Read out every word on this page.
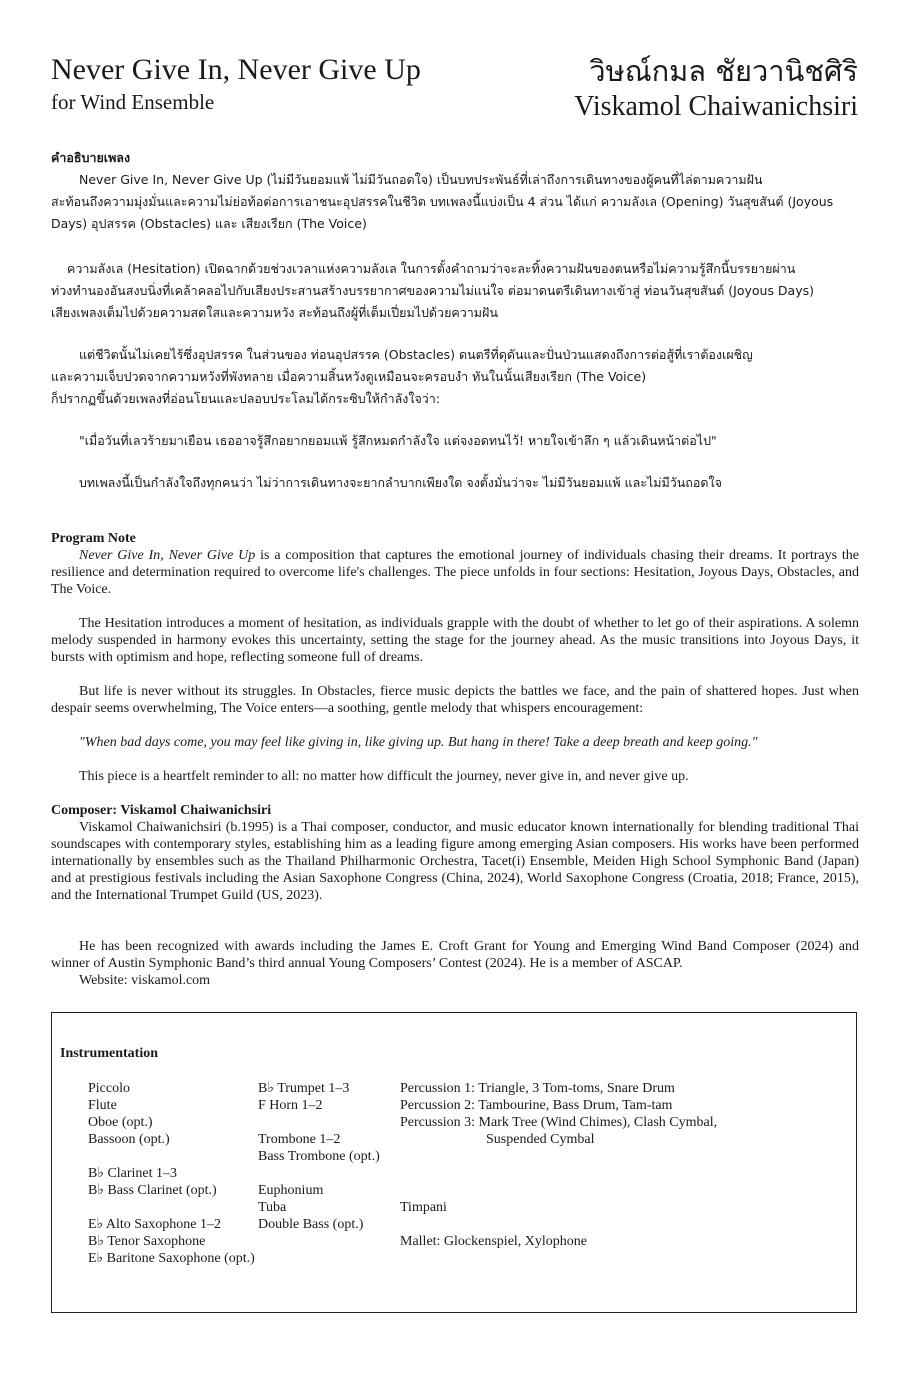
Never Give In, Never Give Up
for Wind Ensemble
วิษณ์กมล ชัยวานิชศิริ
Viskamol Chaiwanichsiri

คำอธิบายเพลง

Never Give In, Never Give Up (ไม่มีวันยอมแพ้ ไม่มีวันถอดใจ) เป็นบทประพันธ์ที่เล่าถึงการเดินทางของผู้คนที่ไล่ตามความฝัน

สะท้อนถึงความมุ่งมั่นและความไม่ย่อท้อต่อการเอาชนะอุปสรรคในชีวิต บทเพลงนี้แบ่งเป็น 4 ส่วน ได้แก่ ความลังเล (Opening) วันสุขสันต์ (Joyous

Days) อุปสรรค (Obstacles) และ เสียงเรียก (The Voice)

ความลังเล (Hesitation) เปิดฉากด้วยช่วงเวลาแห่งความลังเล ในการตั้งคำถามว่าจะละทิ้งความฝันของตนหรือไม่ความรู้สึกนี้บรรยายผ่าน

ท่วงทำนองอันสงบนิ่งที่เคล้าคลอไปกับเสียงประสานสร้างบรรยากาศของความไม่แน่ใจ ต่อมาดนตรีเดินทางเข้าสู่ ท่อนวันสุขสันต์ (Joyous Days)

เสียงเพลงเต็มไปด้วยความสดใสและความหวัง สะท้อนถึงผู้ที่เต็มเปี่ยมไปด้วยความฝัน

แต่ชีวิตนั้นไม่เคยไร้ซึ่งอุปสรรค ในส่วนของ ท่อนอุปสรรค (Obstacles) ดนตรีที่ดุดันและปั่นป่วนแสดงถึงการต่อสู้ที่เราต้องเผชิญ

และความเจ็บปวดจากความหวังที่พังทลาย เมื่อความสิ้นหวังดูเหมือนจะครอบงำ ทันในนั้นเสียงเรียก (The Voice)

ก็ปรากฏขึ้นด้วยเพลงที่อ่อนโยนและปลอบประโลมได้กระซิบให้กำลังใจว่า:

"เมื่อวันที่เลวร้ายมาเยือน เธออาจรู้สึกอยากยอมแพ้ รู้สึกหมดกำลังใจ แต่จงอดทนไว้! หายใจเข้าลึก ๆ แล้วเดินหน้าต่อไป"

บทเพลงนี้เป็นกำลังใจถึงทุกคนว่า ไม่ว่าการเดินทางจะยากลำบากเพียงใด จงตั้งมั่นว่าจะ ไม่มีวันยอมแพ้ และไม่มีวันถอดใจ

Program Note

Never Give In, Never Give Up is a composition that captures the emotional journey of individuals chasing their dreams. It portrays the resilience and determination required to overcome life's challenges. The piece unfolds in four sections: Hesitation, Joyous Days, Obstacles, and The Voice.

The Hesitation introduces a moment of hesitation, as individuals grapple with the doubt of whether to let go of their aspirations. A solemn melody suspended in harmony evokes this uncertainty, setting the stage for the journey ahead. As the music transitions into Joyous Days, it bursts with optimism and hope, reflecting someone full of dreams.

But life is never without its struggles. In Obstacles, fierce music depicts the battles we face, and the pain of shattered hopes. Just when despair seems overwhelming, The Voice enters—a soothing, gentle melody that whispers encouragement:

"When bad days come, you may feel like giving in, like giving up. But hang in there! Take a deep breath and keep going."

This piece is a heartfelt reminder to all: no matter how difficult the journey, never give in, and never give up.

Composer: Viskamol Chaiwanichsiri

Viskamol Chaiwanichsiri (b.1995) is a Thai composer, conductor, and music educator known internationally for blending traditional Thai soundscapes with contemporary styles, establishing him as a leading figure among emerging Asian composers. His works have been performed internationally by ensembles such as the Thailand Philharmonic Orchestra, Tacet(i) Ensemble, Meiden High School Symphonic Band (Japan) and at prestigious festivals including the Asian Saxophone Congress (China, 2024), World Saxophone Congress (Croatia, 2018; France, 2015), and the International Trumpet Guild (US, 2023).

He has been recognized with awards including the James E. Croft Grant for Young and Emerging Wind Band Composer (2024) and winner of Austin Symphonic Band’s third annual Young Composers’ Contest (2024). He is a member of ASCAP.

Website: viskamol.com

Instrumentation
Piccolo
Flute
Oboe (opt.)
Bassoon (opt.)
B♭ Clarinet 1–3
B♭ Bass Clarinet (opt.)
E♭ Alto Saxophone 1–2
B♭ Tenor Saxophone
E♭ Baritone Saxophone (opt.)
B♭ Trumpet 1–3
F Horn 1–2
Trombone 1–2
Bass Trombone (opt.)
Euphonium
Tuba
Double Bass (opt.)
Percussion 1: Triangle, 3 Tom-toms, Snare Drum
Percussion 2: Tambourine, Bass Drum, Tam-tam
Percussion 3: Mark Tree (Wind Chimes), Clash Cymbal,
Suspended Cymbal
Timpani
Mallet: Glockenspiel, Xylophone
